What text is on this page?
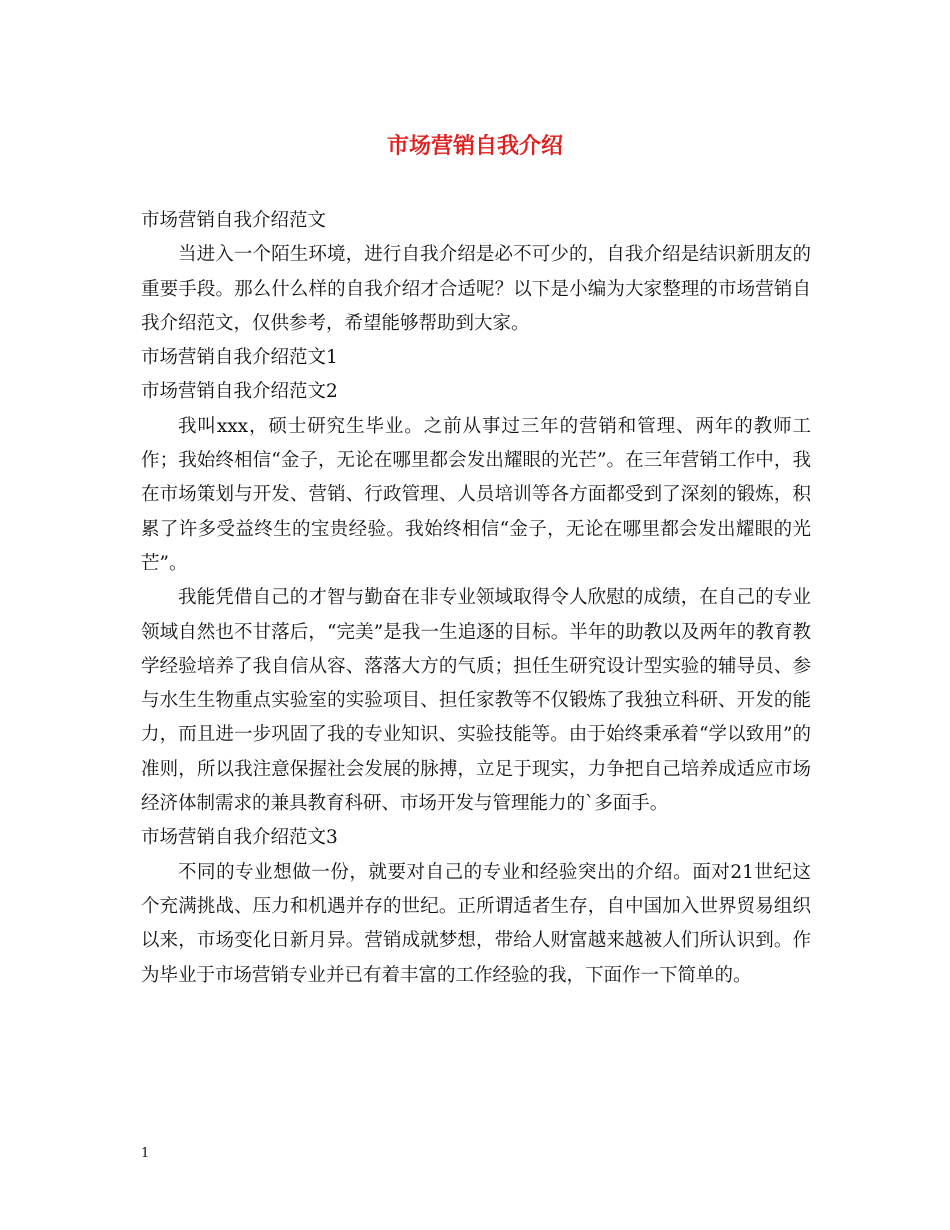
市场营销自我介绍

市场营销自我介绍范文

当进入一个陌生环境，进行自我介绍是必不可少的，自我介绍是结识新朋友的重要手段。那么什么样的自我介绍才合适呢？以下是小编为大家整理的市场营销自我介绍范文，仅供参考，希望能够帮助到大家。

市场营销自我介绍范文1

市场营销自我介绍范文2

我叫xxx，硕士研究生毕业。之前从事过三年的营销和管理、两年的教师工作；我始终相信“金子，无论在哪里都会发出耀眼的光芒”。在三年营销工作中，我在市场策划与开发、营销、行政管理、人员培训等各方面都受到了深刻的锻炼，积累了许多受益终生的宝贵经验。我始终相信“金子，无论在哪里都会发出耀眼的光芒”。

我能凭借自己的才智与勤奋在非专业领域取得令人欣慰的成绩，在自己的专业领域自然也不甘落后，“完美”是我一生追逐的目标。半年的助教以及两年的教育教学经验培养了我自信从容、落落大方的气质；担任生研究设计型实验的辅导员、参与水生生物重点实验室的实验项目、担任家教等不仅锻炼了我独立科研、开发的能力，而且进一步巩固了我的专业知识、实验技能等。由于始终秉承着“学以致用”的准则，所以我注意保握社会发展的脉搏，立足于现实，力争把自己培养成适应市场经济体制需求的兼具教育科研、市场开发与管理能力的`多面手。

市场营销自我介绍范文3

不同的专业想做一份，就要对自己的专业和经验突出的介绍。面对21世纪这个充满挑战、压力和机遇并存的世纪。正所谓适者生存，自中国加入世界贸易组织以来，市场变化日新月异。营销成就梦想，带给人财富越来越被人们所认识到。作为毕业于市场营销专业并已有着丰富的工作经验的我，下面作一下简单的。

1
